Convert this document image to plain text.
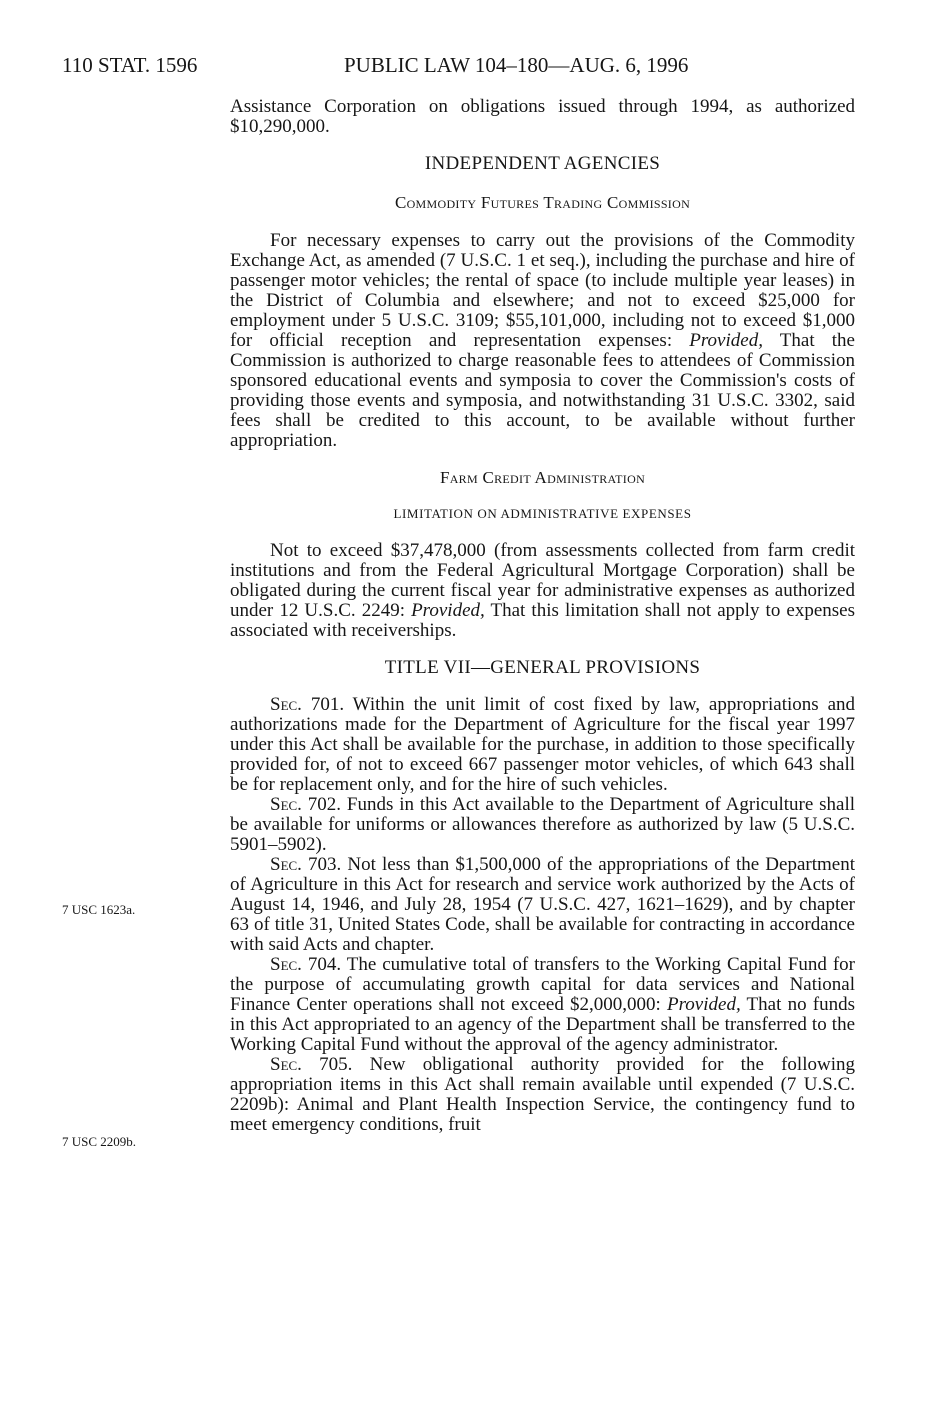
110 STAT. 1596	PUBLIC LAW 104–180—AUG. 6, 1996
7 USC 1623a.
7 USC 2209b.

Assistance Corporation on obligations issued through 1994, as authorized $10,290,000.

INDEPENDENT AGENCIES
Commodity Futures Trading Commission

For necessary expenses to carry out the provisions of the Commodity Exchange Act, as amended (7 U.S.C. 1 et seq.), including the purchase and hire of passenger motor vehicles; the rental of space (to include multiple year leases) in the District of Columbia and elsewhere; and not to exceed $25,000 for employment under 5 U.S.C. 3109; $55,101,000, including not to exceed $1,000 for official reception and representation expenses: Provided, That the Commission is authorized to charge reasonable fees to attendees of Commission sponsored educational events and symposia to cover the Commission's costs of providing those events and symposia, and notwithstanding 31 U.S.C. 3302, said fees shall be credited to this account, to be available without further appropriation.

Farm Credit Administration
LIMITATION ON ADMINISTRATIVE EXPENSES

Not to exceed $37,478,000 (from assessments collected from farm credit institutions and from the Federal Agricultural Mortgage Corporation) shall be obligated during the current fiscal year for administrative expenses as authorized under 12 U.S.C. 2249: Provided, That this limitation shall not apply to expenses associated with receiverships.

TITLE VII—GENERAL PROVISIONS

Sec. 701. Within the unit limit of cost fixed by law, appropriations and authorizations made for the Department of Agriculture for the fiscal year 1997 under this Act shall be available for the purchase, in addition to those specifically provided for, of not to exceed 667 passenger motor vehicles, of which 643 shall be for replacement only, and for the hire of such vehicles.

Sec. 702. Funds in this Act available to the Department of Agriculture shall be available for uniforms or allowances therefore as authorized by law (5 U.S.C. 5901–5902).

Sec. 703. Not less than $1,500,000 of the appropriations of the Department of Agriculture in this Act for research and service work authorized by the Acts of August 14, 1946, and July 28, 1954 (7 U.S.C. 427, 1621–1629), and by chapter 63 of title 31, United States Code, shall be available for contracting in accordance with said Acts and chapter.

Sec. 704. The cumulative total of transfers to the Working Capital Fund for the purpose of accumulating growth capital for data services and National Finance Center operations shall not exceed $2,000,000: Provided, That no funds in this Act appropriated to an agency of the Department shall be transferred to the Working Capital Fund without the approval of the agency administrator.

Sec. 705. New obligational authority provided for the following appropriation items in this Act shall remain available until expended (7 U.S.C. 2209b): Animal and Plant Health Inspection Service, the contingency fund to meet emergency conditions, fruit
